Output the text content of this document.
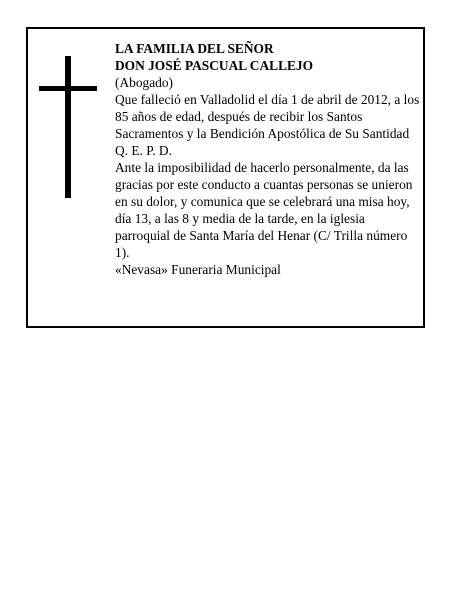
LA FAMILIA DEL SEÑOR

DON JOSÉ PASCUAL CALLEJO

(Abogado)

Que falleció en Valladolid el día 1 de abril de 2012, a los 85 años de edad, después de recibir los Santos Sacramentos y la Bendición Apostólica de Su Santidad Q. E. P. D.

Ante la imposibilidad de hacerlo personalmente, da las gracias por este conducto a cuantas personas se unieron en su dolor, y comunica que se celebrará una misa hoy, día 13, a las 8 y media de la tarde, en la iglesia parroquial de Santa María del Henar (C/ Trilla número 1).

«Nevasa» Funeraria Municipal
